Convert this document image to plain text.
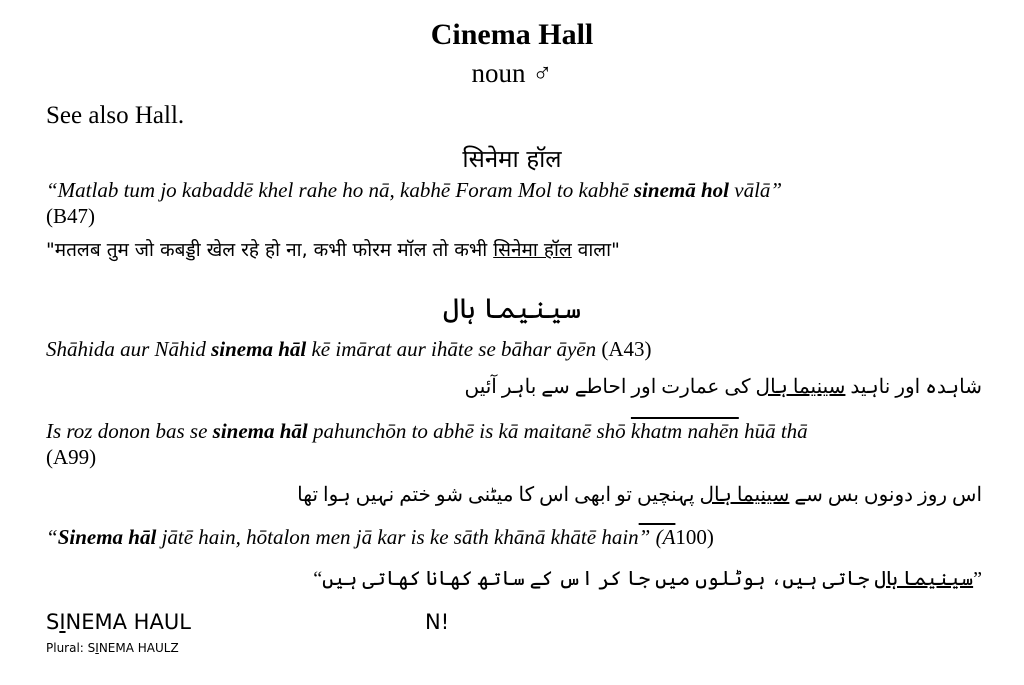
Cinema Hall
noun ♂
See also Hall.
सिनेमा हॉल
“Matlab tum jo kabaddē khel rahe ho nā, kabhē Foram Mol to kabhē sinemā hol vālā”
(B47)
"मतलब तुम जो कबड्डी खेल रहे हो ना, कभी फोरम मॉल तो कभी सिनेमा हॉल वाला"
سینیما ہال
Shāhida aur Nāhid sinema hāl kē imārat aur ihāte se bāhar āyēn (A43)
شاہدہ اور ناہید سینیما ہال کی عمارت اور احاطے سے باہر آئیں
Is roz donon bas se sinema hāl pahunchōn to abhē is kā maitanē shō khatm nahēn hūā thā
(A99)
اس روز دونوں بس سے سینیما ہال پہنچیں تو ابھی اس کا میٹنی شو ختم نہیں ہوا تھا
“Sinema hāl jātē hain, hōtalon men jā kar is ke sāth khānā khātē hain” (A100)
”سینیما ہال جاتی ہیں، ہوٹلوں میں جا کر اس کے ساتھ کھانا کھاتی ہیں“
SINEMA HAUL	N!
Plural: SINEMA HAULZ
